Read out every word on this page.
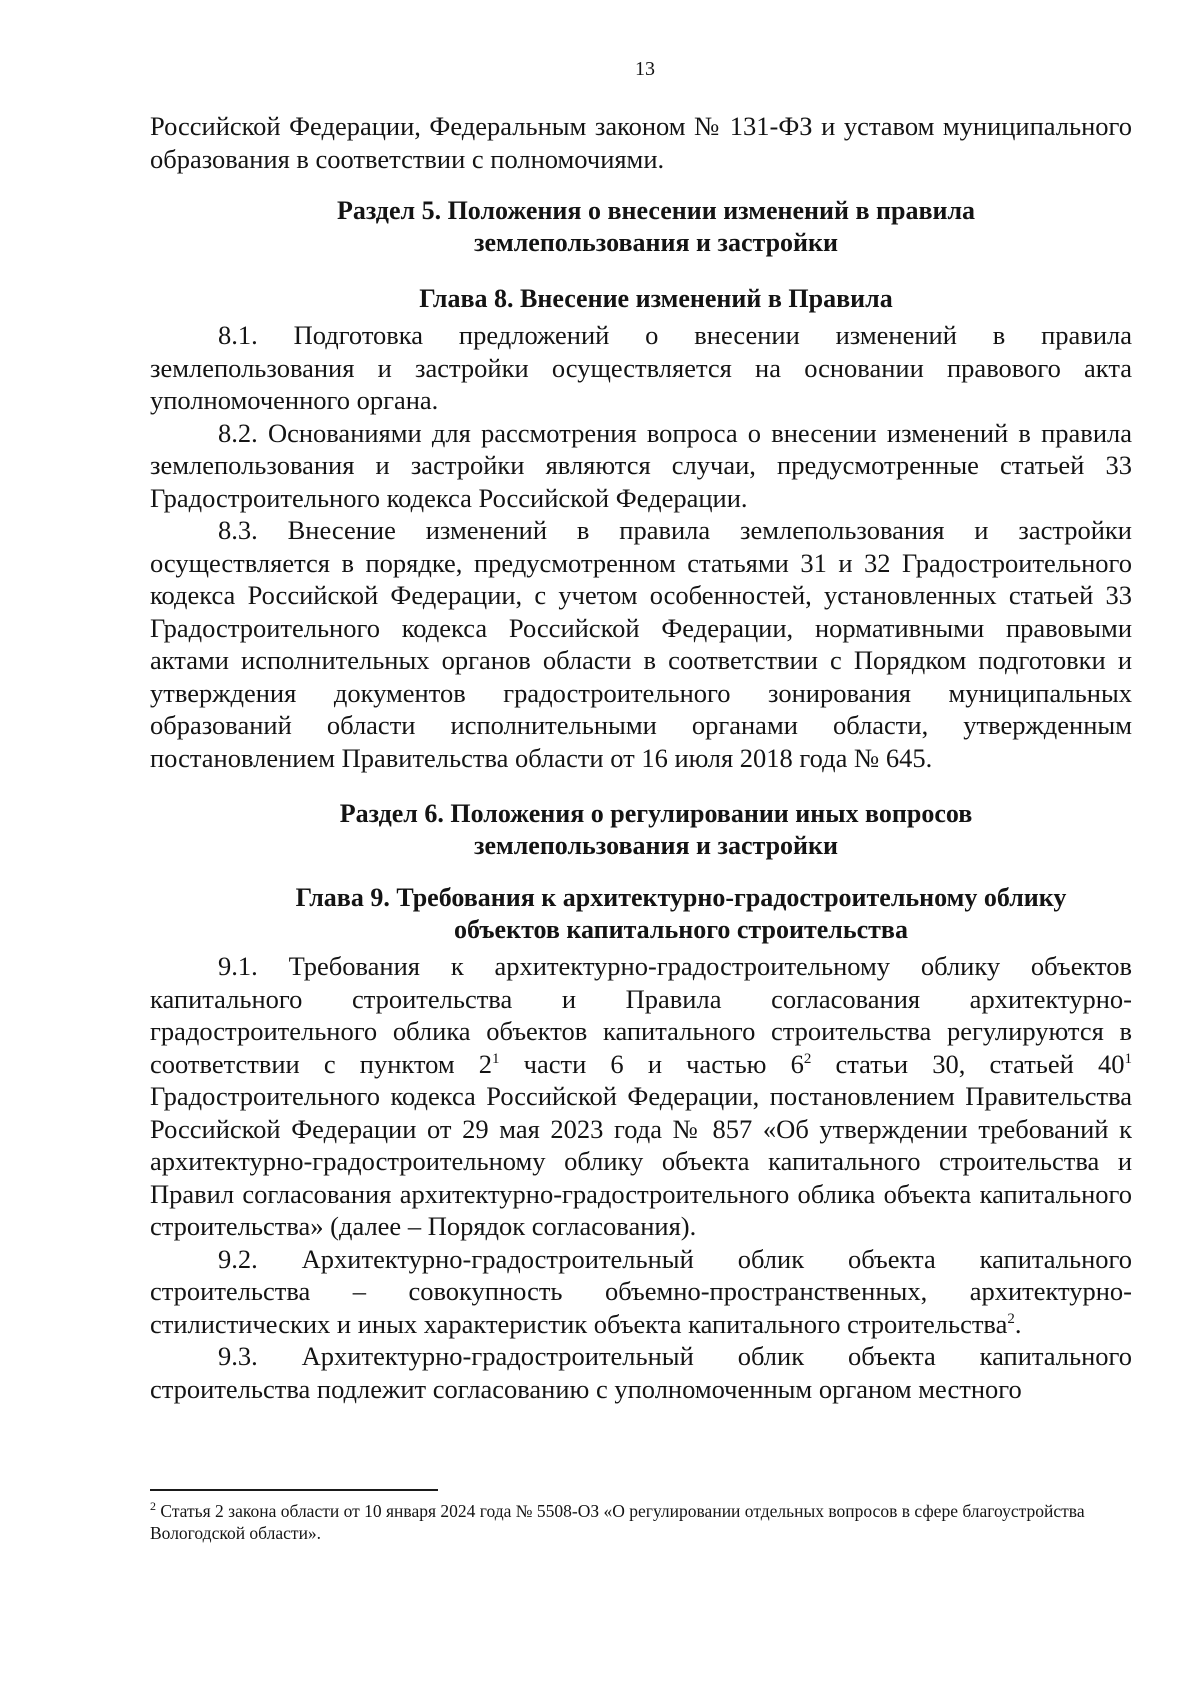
13

Российской Федерации, Федеральным законом № 131-ФЗ и уставом муниципального образования в соответствии с полномочиями.

Раздел 5. Положения о внесении изменений в правила
землепользования и застройки
Глава 8. Внесение изменений в Правила

8.1. Подготовка предложений о внесении изменений в правила землепользования и застройки осуществляется на основании правового акта уполномоченного органа.

8.2. Основаниями для рассмотрения вопроса о внесении изменений в правила землепользования и застройки являются случаи, предусмотренные статьей 33 Градостроительного кодекса Российской Федерации.

8.3. Внесение изменений в правила землепользования и застройки осуществляется в порядке, предусмотренном статьями 31 и 32 Градостроительного кодекса Российской Федерации, с учетом особенностей, установленных статьей 33 Градостроительного кодекса Российской Федерации, нормативными правовыми актами исполнительных органов области в соответствии с Порядком подготовки и утверждения документов градостроительного зонирования муниципальных образований области исполнительными органами области, утвержденным постановлением Правительства области от 16 июля 2018 года № 645.

Раздел 6. Положения о регулировании иных вопросов
землепользования и застройки
Глава 9. Требования к архитектурно-градостроительному облику
объектов капитального строительства

9.1. Требования к архитектурно-градостроительному облику объектов капитального строительства и Правила согласования архитектурно-градостроительного облика объектов капитального строительства регулируются в соответствии с пунктом $2^1$ части 6 и частью $6^2$ статьи 30, статьей $40^1$ Градостроительного кодекса Российской Федерации, постановлением Правительства Российской Федерации от 29 мая 2023 года № 857 «Об утверждении требований к архитектурно-градостроительному облику объекта капитального строительства и Правил согласования архитектурно-градостроительного облика объекта капитального строительства» (далее – Порядок согласования).

9.2. Архитектурно-градостроительный облик объекта капитального строительства – совокупность объемно-пространственных, архитектурно-стилистических и иных характеристик объекта капитального строительства$^2$.

9.3. Архитектурно-градостроительный облик объекта капитального строительства подлежит согласованию с уполномоченным органом местного

$^2$ Статья 2 закона области от 10 января 2024 года № 5508-ОЗ «О регулировании отдельных вопросов в сфере благоустройства Вологодской области».
